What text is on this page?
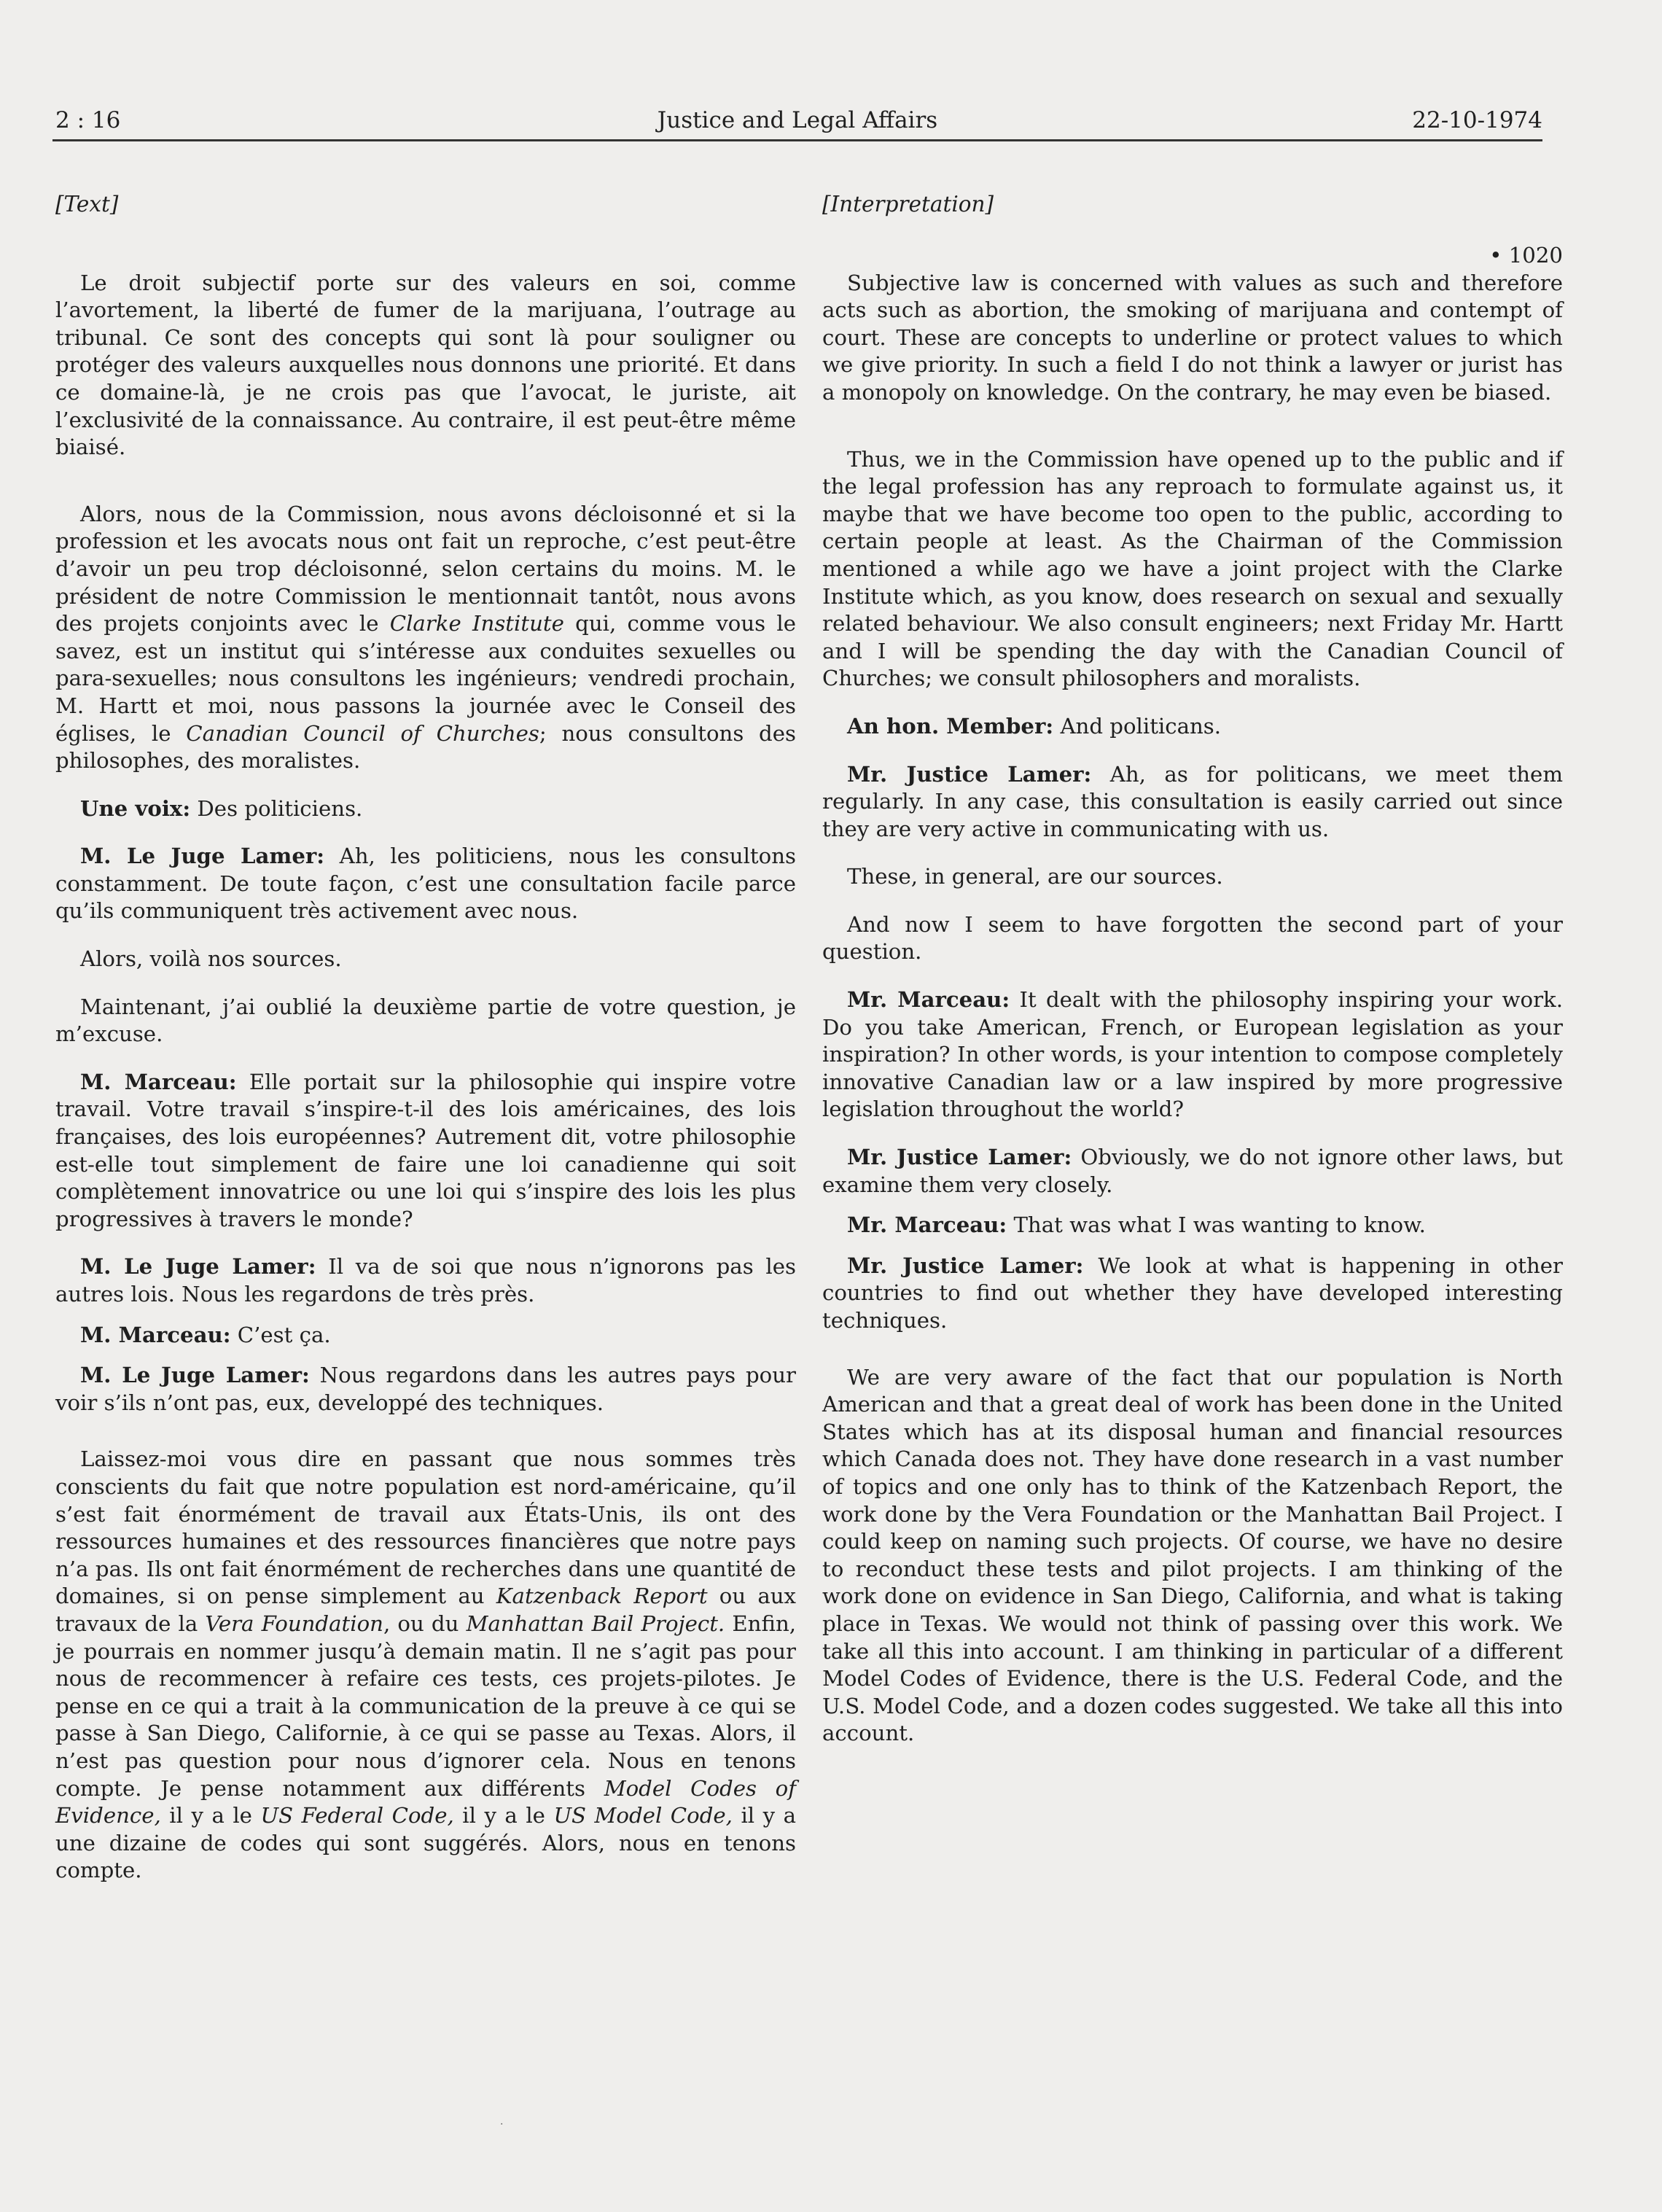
2 : 16	Justice and Legal Affairs	22-10-1974
[Text]

Le droit subjectif porte sur des valeurs en soi, comme l’avortement, la liberté de fumer de la marijuana, l’outrage au tribunal. Ce sont des concepts qui sont là pour souligner ou protéger des valeurs auxquelles nous donnons une priorité. Et dans ce domaine-là, je ne crois pas que l’avocat, le juriste, ait l’exclusivité de la connaissance. Au contraire, il est peut-être même biaisé.

Alors, nous de la Commission, nous avons décloisonné et si la profession et les avocats nous ont fait un reproche, c’est peut-être d’avoir un peu trop décloisonné, selon certains du moins. M. le président de notre Commission le mentionnait tantôt, nous avons des projets conjoints avec le Clarke Institute qui, comme vous le savez, est un institut qui s’intéresse aux conduites sexuelles ou para-sexuelles; nous consultons les ingénieurs; vendredi prochain, M. Hartt et moi, nous passons la journée avec le Conseil des églises, le Canadian Council of Churches; nous consultons des philosophes, des moralistes.

Une voix: Des politiciens.

M. Le Juge Lamer: Ah, les politiciens, nous les consultons constamment. De toute façon, c’est une consultation facile parce qu’ils communiquent très activement avec nous.

Alors, voilà nos sources.

Maintenant, j’ai oublié la deuxième partie de votre question, je m’excuse.

M. Marceau: Elle portait sur la philosophie qui inspire votre travail. Votre travail s’inspire-t-il des lois américaines, des lois françaises, des lois européennes? Autrement dit, votre philosophie est-elle tout simplement de faire une loi canadienne qui soit complètement innovatrice ou une loi qui s’inspire des lois les plus progressives à travers le monde?

M. Le Juge Lamer: Il va de soi que nous n’ignorons pas les autres lois. Nous les regardons de très près.

M. Marceau: C’est ça.

M. Le Juge Lamer: Nous regardons dans les autres pays pour voir s’ils n’ont pas, eux, developpé des techniques.

Laissez-moi vous dire en passant que nous sommes très conscients du fait que notre population est nord-américaine, qu’il s’est fait énormément de travail aux États-Unis, ils ont des ressources humaines et des ressources financières que notre pays n’a pas. Ils ont fait énormément de recherches dans une quantité de domaines, si on pense simplement au Katzenback Report ou aux travaux de la Vera Foundation, ou du Manhattan Bail Project. Enfin, je pourrais en nommer jusqu’à demain matin. Il ne s’agit pas pour nous de recommencer à refaire ces tests, ces projets-pilotes. Je pense en ce qui a trait à la communication de la preuve à ce qui se passe à San Diego, Californie, à ce qui se passe au Texas. Alors, il n’est pas question pour nous d’ignorer cela. Nous en tenons compte. Je pense notamment aux différents Model Codes of Evidence, il y a le US Federal Code, il y a le US Model Code, il y a une dizaine de codes qui sont suggérés. Alors, nous en tenons compte.

[Interpretation]
• 1020

Subjective law is concerned with values as such and therefore acts such as abortion, the smoking of marijuana and contempt of court. These are concepts to underline or protect values to which we give priority. In such a field I do not think a lawyer or jurist has a monopoly on knowledge. On the contrary, he may even be biased.

Thus, we in the Commission have opened up to the public and if the legal profession has any reproach to formulate against us, it maybe that we have become too open to the public, according to certain people at least. As the Chairman of the Commission mentioned a while ago we have a joint project with the Clarke Institute which, as you know, does research on sexual and sexually related behaviour. We also consult engineers; next Friday Mr. Hartt and I will be spending the day with the Canadian Council of Churches; we consult philosophers and moralists.

An hon. Member: And politicans.

Mr. Justice Lamer: Ah, as for politicans, we meet them regularly. In any case, this consultation is easily carried out since they are very active in communicating with us.

These, in general, are our sources.

And now I seem to have forgotten the second part of your question.

Mr. Marceau: It dealt with the philosophy inspiring your work. Do you take American, French, or European legislation as your inspiration? In other words, is your intention to compose completely innovative Canadian law or a law inspired by more progressive legislation throughout the world?

Mr. Justice Lamer: Obviously, we do not ignore other laws, but examine them very closely.

Mr. Marceau: That was what I was wanting to know.

Mr. Justice Lamer: We look at what is happening in other countries to find out whether they have developed interesting techniques.

We are very aware of the fact that our population is North American and that a great deal of work has been done in the United States which has at its disposal human and financial resources which Canada does not. They have done research in a vast number of topics and one only has to think of the Katzenbach Report, the work done by the Vera Foundation or the Manhattan Bail Project. I could keep on naming such projects. Of course, we have no desire to reconduct these tests and pilot projects. I am thinking of the work done on evidence in San Diego, California, and what is taking place in Texas. We would not think of passing over this work. We take all this into account. I am thinking in particular of a different Model Codes of Evidence, there is the U.S. Federal Code, and the U.S. Model Code, and a dozen codes suggested. We take all this into account.

·
